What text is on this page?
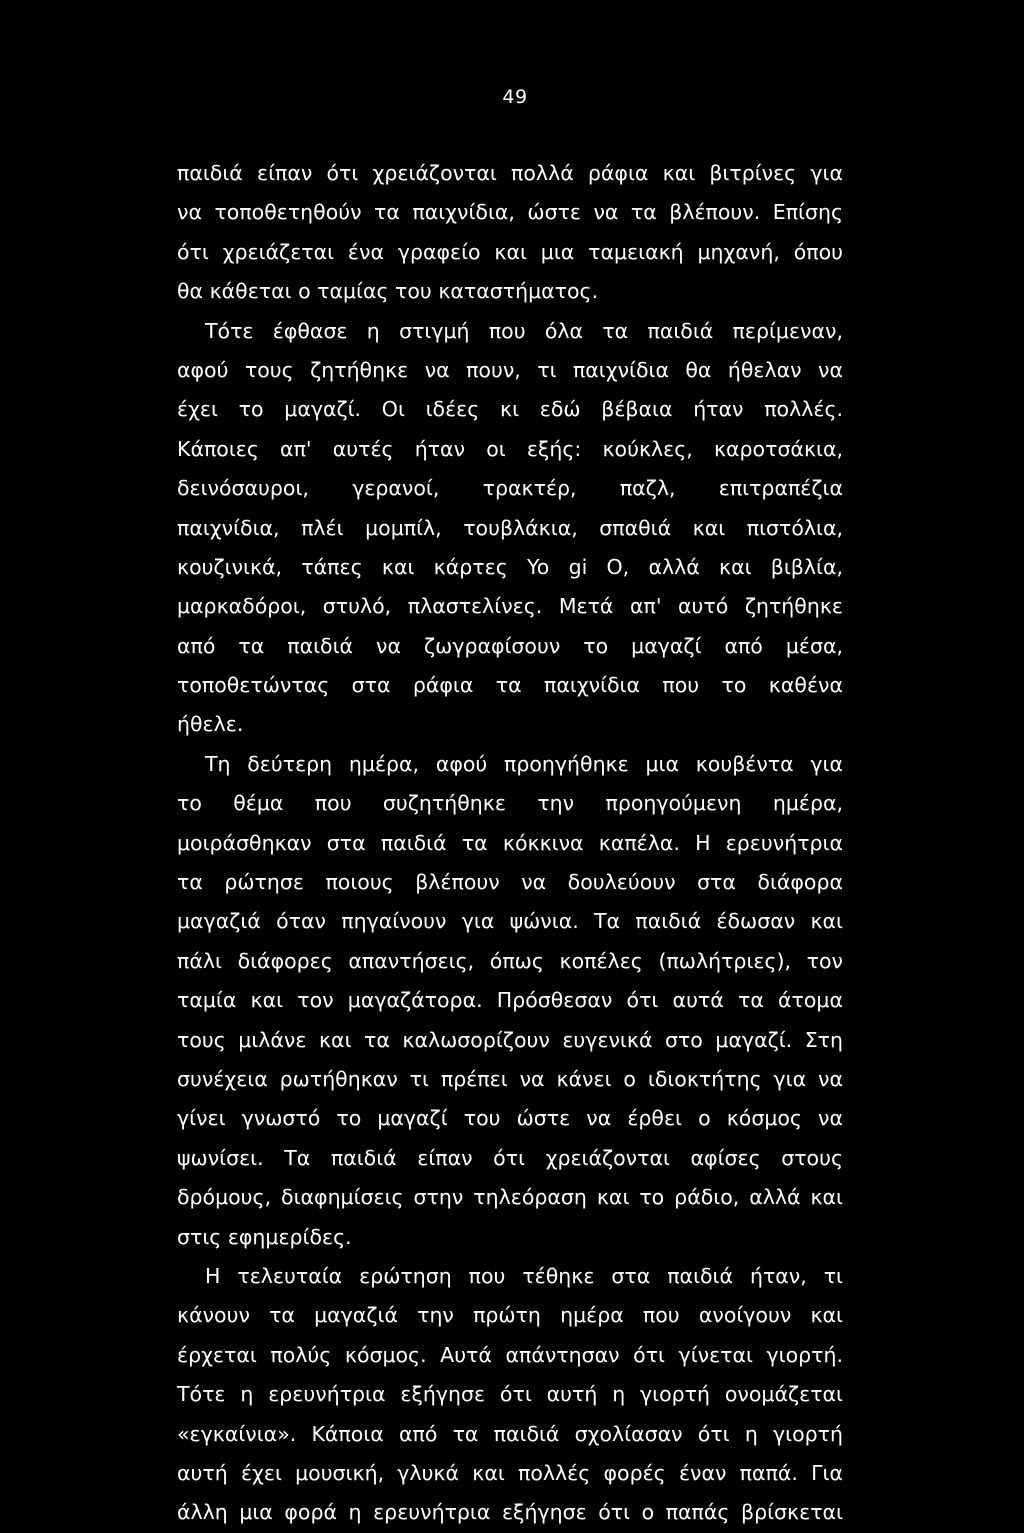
49
παιδιά είπαν ότι χρειάζονται πολλά ράφια και βιτρίνες για
να τοποθετηθούν τα παιχνίδια, ώστε να τα βλέπουν. Επίσης
ότι χρειάζεται ένα γραφείο και μια ταμειακή μηχανή, όπου
θα κάθεται ο ταμίας του καταστήματος.
Τότε έφθασε η στιγμή που όλα τα παιδιά περίμεναν,
αφού τους ζητήθηκε να πουν, τι παιχνίδια θα ήθελαν να
έχει το μαγαζί. Οι ιδέες κι εδώ βέβαια ήταν πολλές.
Κάποιες απ' αυτές ήταν οι εξής: κούκλες, καροτσάκια,
δεινόσαυροι, γερανοί, τρακτέρ, παζλ, επιτραπέζια
παιχνίδια, πλέι μομπίλ, τουβλάκια, σπαθιά και πιστόλια,
κουζινικά, τάπες και κάρτες Yo gi O, αλλά και βιβλία,
μαρκαδόροι, στυλό, πλαστελίνες. Μετά απ' αυτό ζητήθηκε
από τα παιδιά να ζωγραφίσουν το μαγαζί από μέσα,
τοποθετώντας στα ράφια τα παιχνίδια που το καθένα
ήθελε.
Τη δεύτερη ημέρα, αφού προηγήθηκε μια κουβέντα για
το θέμα που συζητήθηκε την προηγούμενη ημέρα,
μοιράσθηκαν στα παιδιά τα κόκκινα καπέλα. Η ερευνήτρια
τα ρώτησε ποιους βλέπουν να δουλεύουν στα διάφορα
μαγαζιά όταν πηγαίνουν για ψώνια. Τα παιδιά έδωσαν και
πάλι διάφορες απαντήσεις, όπως κοπέλες (πωλήτριες), τον
ταμία και τον μαγαζάτορα. Πρόσθεσαν ότι αυτά τα άτομα
τους μιλάνε και τα καλωσορίζουν ευγενικά στο μαγαζί. Στη
συνέχεια ρωτήθηκαν τι πρέπει να κάνει ο ιδιοκτήτης για να
γίνει γνωστό το μαγαζί του ώστε να έρθει ο κόσμος να
ψωνίσει. Τα παιδιά είπαν ότι χρειάζονται αφίσες στους
δρόμους, διαφημίσεις στην τηλεόραση και το ράδιο, αλλά και
στις εφημερίδες.
Η τελευταία ερώτηση που τέθηκε στα παιδιά ήταν, τι
κάνουν τα μαγαζιά την πρώτη ημέρα που ανοίγουν και
έρχεται πολύς κόσμος. Αυτά απάντησαν ότι γίνεται γιορτή.
Τότε η ερευνήτρια εξήγησε ότι αυτή η γιορτή ονομάζεται
«εγκαίνια». Κάποια από τα παιδιά σχολίασαν ότι η γιορτή
αυτή έχει μουσική, γλυκά και πολλές φορές έναν παπά. Για
άλλη μια φορά η ερευνήτρια εξήγησε ότι ο παπάς βρίσκεται
